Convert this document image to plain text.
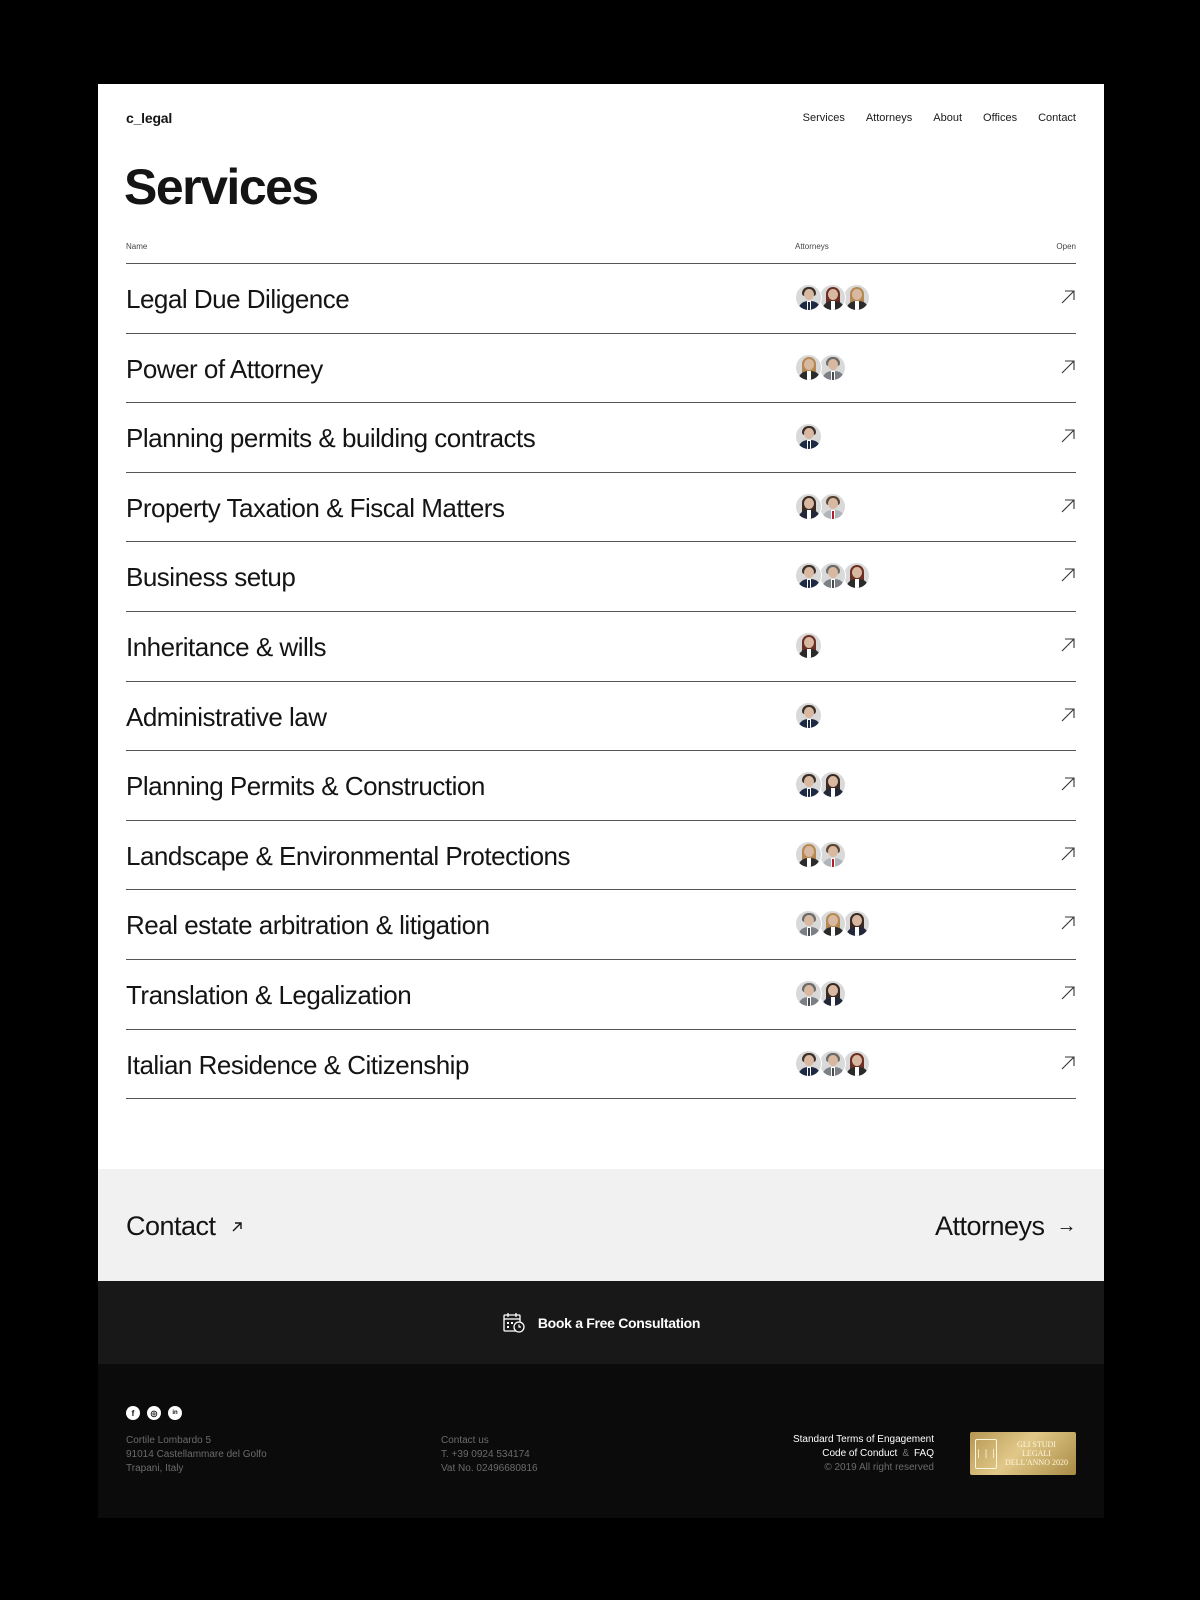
c_legal	Services Attorneys About Offices Contact
Services
Name	Attorneys	Open
Legal Due Diligence
Power of Attorney
Planning permits & building contracts
Property Taxation & Fiscal Matters
Business setup
Inheritance & wills
Administrative law
Planning Permits & Construction
Landscape & Environmental Protections
Real estate arbitration & litigation
Translation & Legalization
Italian Residence & Citizenship
Contact	Attorneys →
Book a Free Consultation
f	◎	in
Cortile Lombardo 5
91014 Castellammare del Golfo
Trapani, Italy
Contact us
T. +39 0924 534174
Vat No. 02496680816
Standard Terms of Engagement
Code of Conduct & FAQ
© 2019 All right reserved
❘❘❘
GLI STUDI LEGALI
DELL'ANNO 2020
